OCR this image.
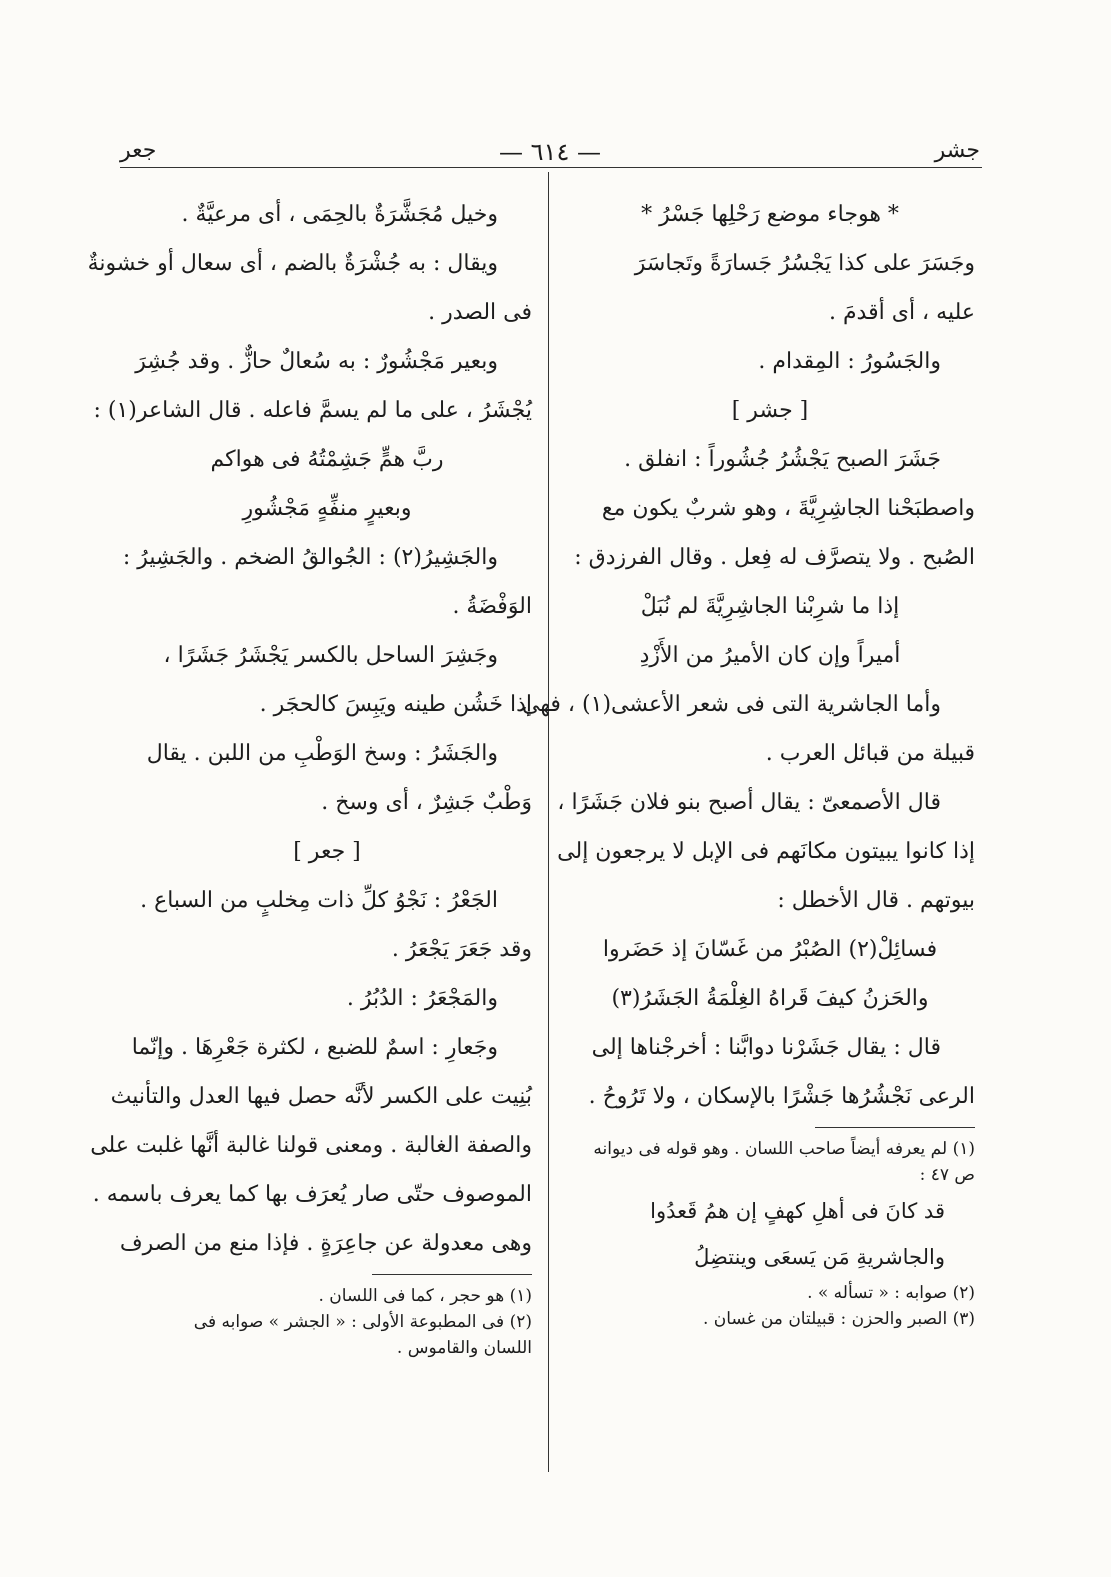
جشر
— ٦١٤ —
جعر
* هوجاء موضع رَحْلِها جَسْرُ *
وجَسَرَ على كذا يَجْسُرُ جَسارَةً وتَجاسَرَ
عليه ، أى أقدمَ .
والجَسُورُ : المِقدام .
[ جشر ]
جَشَرَ الصبح يَجْشُرُ جُشُوراً : انفلق .
واصطبَحْنا الجاشِرِيَّةَ ، وهو شربٌ يكون مع
الصُبح . ولا يتصرَّف له فِعل . وقال الفرزدق :
إذا ما شرِبْنا الجاشِرِيَّةَ لم نُبَلْ
أميراً وإن كان الأميرُ من الأَزْدِ
وأما الجاشرية التى فى شعر الأعشى(١) ، فهى
قبيلة من قبائل العرب .
قال الأصمعىّ : يقال أصبح بنو فلان جَشَرًا ،
إذا كانوا يبيتون مكانَهم فى الإبل لا يرجعون إلى
بيوتهم . قال الأخطل :
فسائِلْ(٢) الصُبْرُ من غَسّانَ إذ حَضَروا
والحَزنُ كيفَ قَراهُ الغِلْمَةُ الجَشَرُ(٣)
قال : يقال جَشَرْنا دوابَّنا : أخرجْناها إلى
الرعى نَجْشُرُها جَشْرًا بالإسكان ، ولا تَرُوحُ .
(١) لم يعرفه أيضاً صاحب اللسان . وهو قوله فى ديوانه
ص ٤٧ :
قد كانَ فى أهلِ كهفٍ إن همُ قَعدُوا
والجاشريةِ مَن يَسعَى وينتضِلُ
(٢) صوابه : « تسأله » .
(٣) الصبر والحزن : قبيلتان من غسان .
وخيل مُجَشَّرَةٌ بالحِمَى ، أى مرعيَّةٌ .
ويقال : به جُشْرَةٌ بالضم ، أى سعال أو خشونةٌ
فى الصدر .
وبعير مَجْشُورٌ : به سُعالٌ حازٌّ . وقد جُشِرَ
يُجْشَرُ ، على ما لم يسمَّ فاعله . قال الشاعر(١) :
ربَّ همٍّ جَشِمْتُهُ فى هواكم
وبعيرٍ منفِّهٍ مَجْشُورِ
والجَشِيرُ(٢) : الجُوالقُ الضخم . والجَشِيرُ :
الوَفْضَةُ .
وجَشِرَ الساحل بالكسر يَجْشَرُ جَشَرًا ،
إذا خَشُن طينه ويَبِسَ كالحجَر .
والجَشَرُ : وسخ الوَطْبِ من اللبن . يقال
وَطْبٌ جَشِرٌ ، أى وسخ .
[ جعر ]
الجَعْرُ : نَجْوُ كلِّ ذات مِخلبٍ من السباع .
وقد جَعَرَ يَجْعَرُ .
والمَجْعَرُ : الدُبُرُ .
وجَعارِ : اسمٌ للضبع ، لكثرة جَعْرِهَا . وإنّما
بُنِيت على الكسر لأنَّه حصل فيها العدل والتأنيث
والصفة الغالبة . ومعنى قولنا غالبة أنَّها غلبت على
الموصوف حتّى صار يُعرَف بها كما يعرف باسمه .
وهى معدولة عن جاعِرَةٍ . فإذا منع من الصرف
(١) هو حجر ، كما فى اللسان .
(٢) فى المطبوعة الأولى : « الجشر » صوابه فى
اللسان والقاموس .
